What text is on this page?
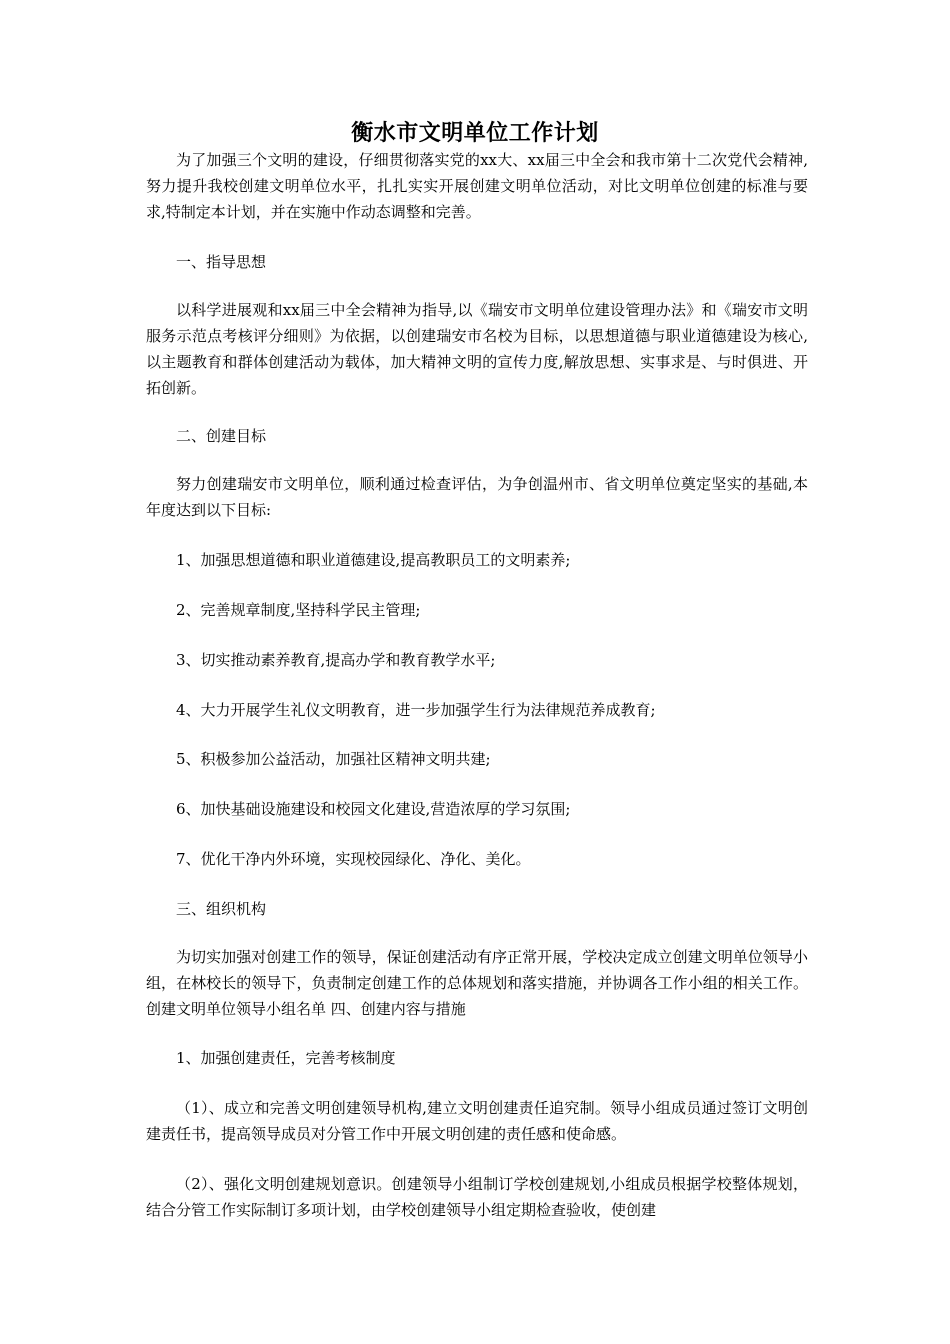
衡水市文明单位工作计划

为了加强三个文明的建设，仔细贯彻落实党的xx大、xx届三中全会和我市第十二次党代会精神,努力提升我校创建文明单位水平，扎扎实实开展创建文明单位活动，对比文明单位创建的标准与要求,特制定本计划，并在实施中作动态调整和完善。

一、指导思想

以科学进展观和xx届三中全会精神为指导,以《瑞安市文明单位建设管理办法》和《瑞安市文明服务示范点考核评分细则》为依据，以创建瑞安市名校为目标，以思想道德与职业道德建设为核心,以主题教育和群体创建活动为载体，加大精神文明的宣传力度,解放思想、实事求是、与时俱进、开拓创新。

二、创建目标

努力创建瑞安市文明单位，顺利通过检查评估，为争创温州市、省文明单位奠定坚实的基础,本年度达到以下目标:

1、加强思想道德和职业道德建设,提高教职员工的文明素养;

2、完善规章制度,坚持科学民主管理;

3、切实推动素养教育,提高办学和教育教学水平;

4、大力开展学生礼仪文明教育，进一步加强学生行为法律规范养成教育;

5、积极参加公益活动，加强社区精神文明共建;

6、加快基础设施建设和校园文化建设,营造浓厚的学习氛围;

7、优化干净内外环境，实现校园绿化、净化、美化。

三、组织机构

为切实加强对创建工作的领导，保证创建活动有序正常开展，学校决定成立创建文明单位领导小组，在林校长的领导下，负责制定创建工作的总体规划和落实措施，并协调各工作小组的相关工作。创建文明单位领导小组名单 四、创建内容与措施

1、加强创建责任，完善考核制度

（1）、成立和完善文明创建领导机构,建立文明创建责任追究制。领导小组成员通过签订文明创建责任书，提高领导成员对分管工作中开展文明创建的责任感和使命感。

（2）、强化文明创建规划意识。创建领导小组制订学校创建规划,小组成员根据学校整体规划，结合分管工作实际制订多项计划，由学校创建领导小组定期检查验收，使创建
